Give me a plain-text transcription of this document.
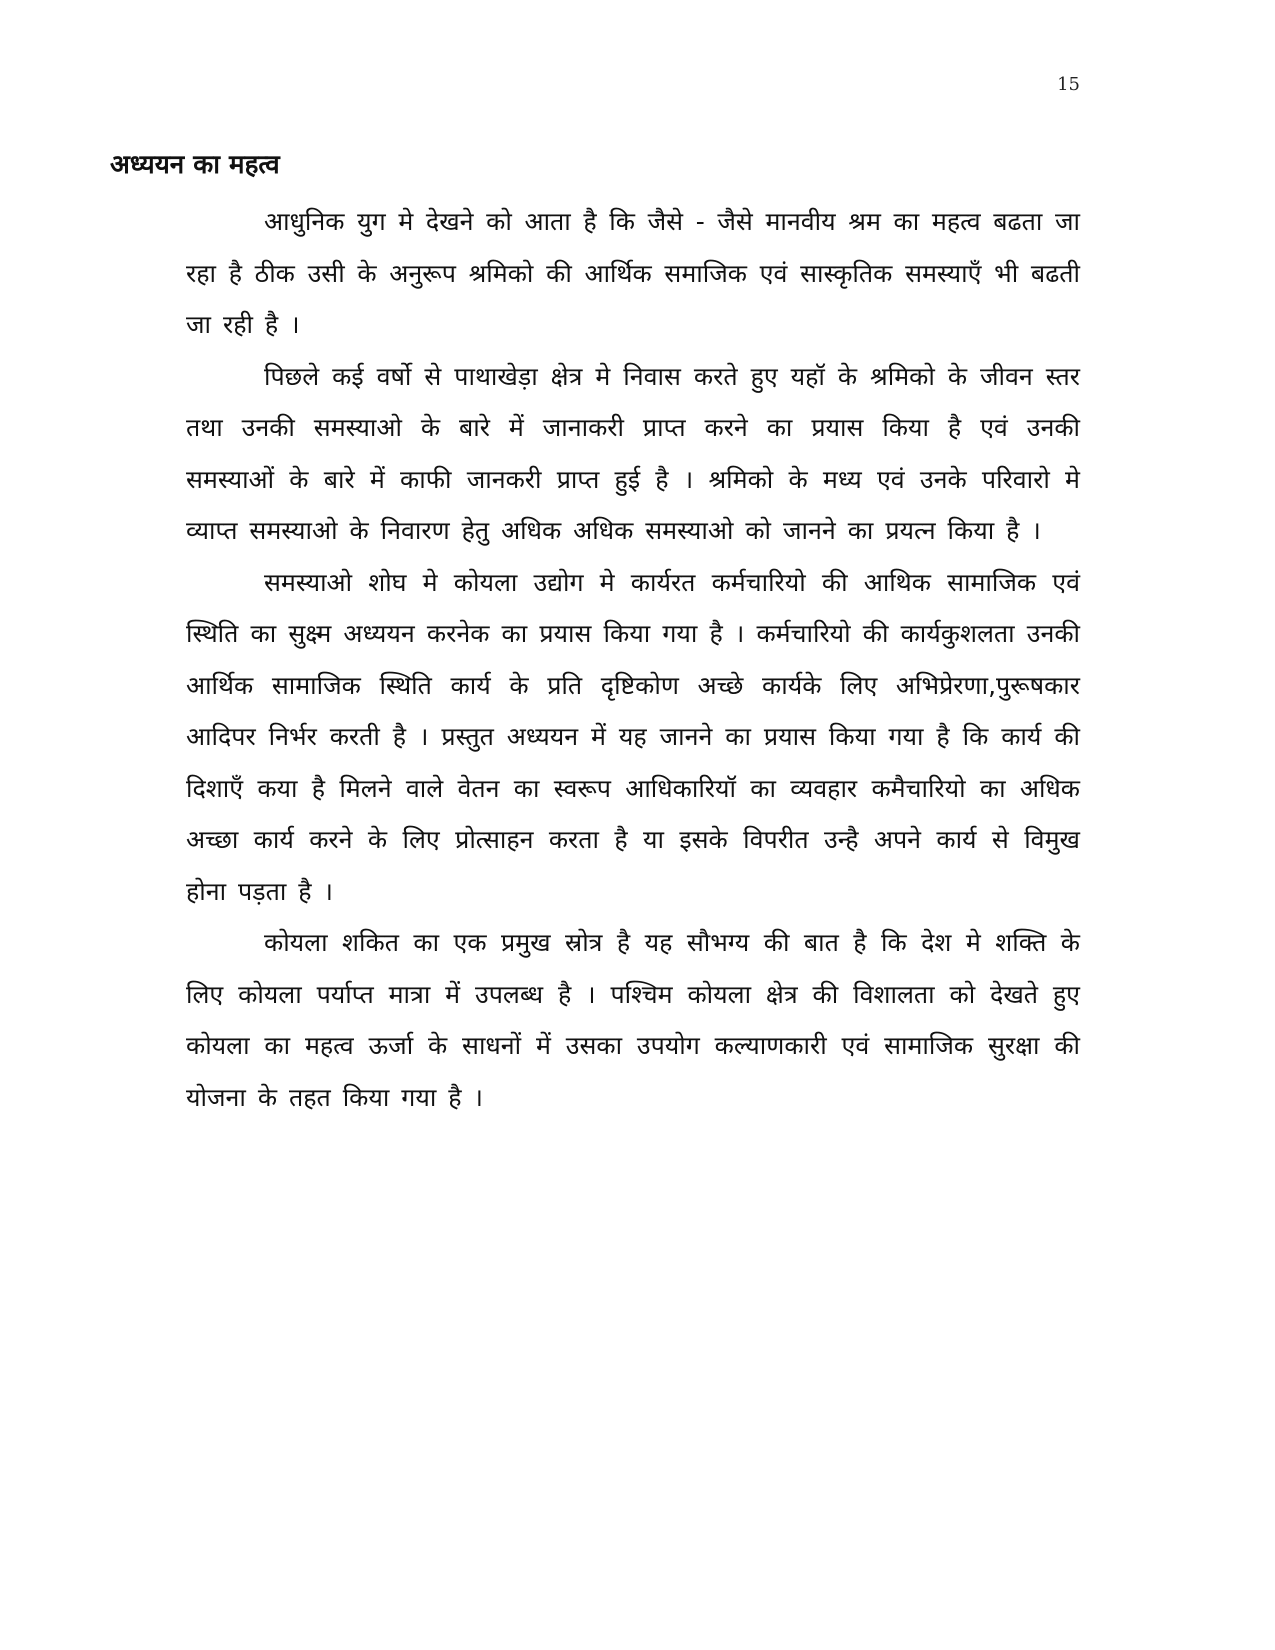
15
अध्ययन का महत्व

आधुनिक युग मे देखने को आता है कि जैसे - जैसे मानवीय श्रम का महत्व बढता जा रहा है ठीक उसी के अनुरूप श्रमिको की आर्थिक समाजिक एवं सास्कृतिक समस्याएँ भी बढती जा रही है ।

पिछले कई वर्षो से पाथाखेड़ा क्षेत्र मे निवास करते हुए यहॉ के श्रमिको के जीवन स्तर तथा उनकी समस्याओ के बारे में जानाकरी प्राप्त करने का प्रयास किया है एवं उनकी समस्याओं के बारे में काफी जानकरी प्राप्त हुई है । श्रमिको के मध्य एवं उनके परिवारो मे व्याप्त समस्याओ के निवारण हेतु अधिक अधिक समस्याओ को जानने का प्रयत्न किया है ।

समस्याओ शोघ मे कोयला उद्योग मे कार्यरत कर्मचारियो की आथिक सामाजिक एवं स्थिति का सुक्ष्म अध्ययन करनेक का प्रयास किया गया है । कर्मचारियो की कार्यकुशलता उनकी आर्थिक सामाजिक स्थिति कार्य के प्रति दृष्टिकोण अच्छे कार्यके लिए अभिप्रेरणा,पुरूषकार आदिपर निर्भर करती है । प्रस्तुत अध्ययन में यह जानने का प्रयास किया गया है कि कार्य की दिशाएँ कया है मिलने वाले वेतन का स्वरूप आधिकारियॉ का व्यवहार कमैचारियो का अधिक अच्छा कार्य करने के लिए प्रोत्साहन करता है या इसके विपरीत उन्है अपने कार्य से विमुख होना पड़ता है ।

कोयला शकित का एक प्रमुख स्रोत्र है यह सौभग्य की बात है कि देश मे शक्ति के लिए कोयला पर्याप्त मात्रा में उपलब्ध है । पश्चिम कोयला क्षेत्र की विशालता को देखते हुए कोयला का महत्व ऊर्जा के साधनों में उसका उपयोग कल्याणकारी एवं सामाजिक सुरक्षा की योजना के तहत किया गया है ।
